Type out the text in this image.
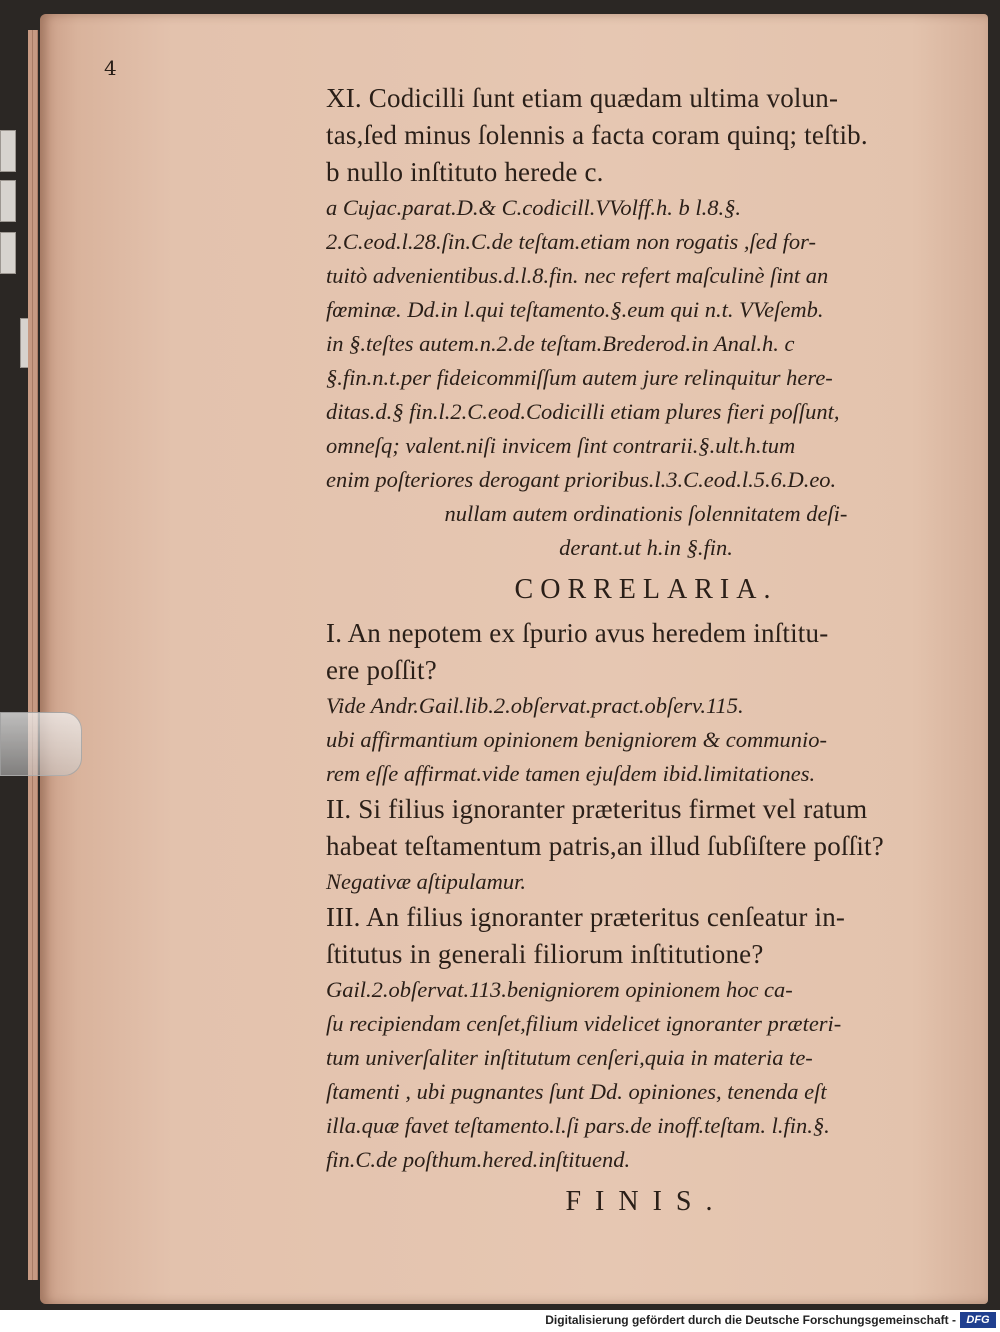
4
XI. Codicilli ſunt etiam quædam ultima volun-
tas,ſed minus ſolennis a facta coram quinq; teſtib.
b nullo inſtituto herede c.
a Cujac.parat.D.& C.codicill.VVolff.h. b l.8.§.
2.C.eod.l.28.ſin.C.de teſtam.etiam non rogatis ,ſed for-
tuitò advenientibus.d.l.8.fin. nec refert maſculinè ſint an
fœminæ. Dd.in l.qui teſtamento.§.eum qui n.t. VVeſemb.
in §.teſtes autem.n.2.de teſtam.Brederod.in Anal.h. c
§.fin.n.t.per fideicommiſſum autem jure relinquitur here-
ditas.d.§ fin.l.2.C.eod.Codicilli etiam plures fieri poſſunt,
omneſq; valent.niſi invicem ſint contrarii.§.ult.h.tum
enim poſteriores derogant prioribus.l.3.C.eod.l.5.6.D.eo.
nullam autem ordinationis ſolennitatem deſi-
derant.ut h.in §.fin.
CORRELARIA.
I. An nepotem ex ſpurio avus heredem inſtitu-
ere poſſit?
Vide Andr.Gail.lib.2.obſervat.pract.obſerv.115.
ubi affirmantium opinionem benigniorem & communio-
rem eſſe affirmat.vide tamen ejuſdem ibid.limitationes.
II. Si filius ignoranter præteritus firmet vel ratum
habeat teſtamentum patris,an illud ſubſiſtere poſſit?
Negativæ aſtipulamur.
III. An filius ignoranter præteritus cenſeatur in-
ſtitutus in generali filiorum inſtitutione?
Gail.2.obſervat.113.benigniorem opinionem hoc ca-
ſu recipiendam cenſet,filium videlicet ignoranter præteri-
tum univerſaliter inſtitutum cenſeri,quia in materia te-
ſtamenti , ubi pugnantes ſunt Dd. opiniones, tenenda eſt
illa.quæ favet teſtamento.l.ſi pars.de inoff.teſtam. l.fin.§.
fin.C.de poſthum.hered.inſtituend.
FINIS.
Digitalisierung gefördert durch die Deutsche Forschungsgemeinschaft - DFG
